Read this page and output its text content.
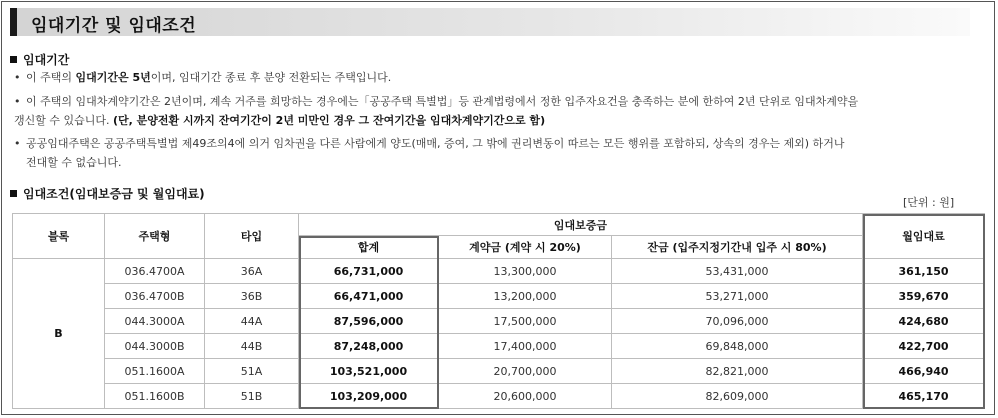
임대기간 및 임대조건
임대기간
• 이 주택의 임대기간은 5년이며, 임대기간 종료 후 분양 전환되는 주택입니다.
• 이 주택의 임대차계약기간은 2년이며, 계속 거주를 희망하는 경우에는「공공주택 특별법」등 관계법령에서 정한 입주자요건을 충족하는 분에 한하여 2년 단위로 임대차계약을
갱신할 수 있습니다. (단, 분양전환 시까지 잔여기간이 2년 미만인 경우 그 잔여기간을 임대차계약기간으로 함)
• 공공임대주택은 공공주택특별법 제49조의4에 의거 임차권을 다른 사람에게 양도(매매, 증여, 그 밖에 권리변동이 따르는 모든 행위를 포함하되, 상속의 경우는 제외) 하거나
전대할 수 없습니다.
임대조건(임대보증금 및 월임대료)
[단위 : 원]
블록	주택형	타입	임대보증금			월임대료
			합계	계약금 (계약 시 20%)	잔금 (입주지정기간내 입주 시 80%)	
B	036.4700A	36A	66,731,000	13,300,000	53,431,000	361,150
	036.4700B	36B	66,471,000	13,200,000	53,271,000	359,670
	044.3000A	44A	87,596,000	17,500,000	70,096,000	424,680
	044.3000B	44B	87,248,000	17,400,000	69,848,000	422,700
	051.1600A	51A	103,521,000	20,700,000	82,821,000	466,940
	051.1600B	51B	103,209,000	20,600,000	82,609,000	465,170
